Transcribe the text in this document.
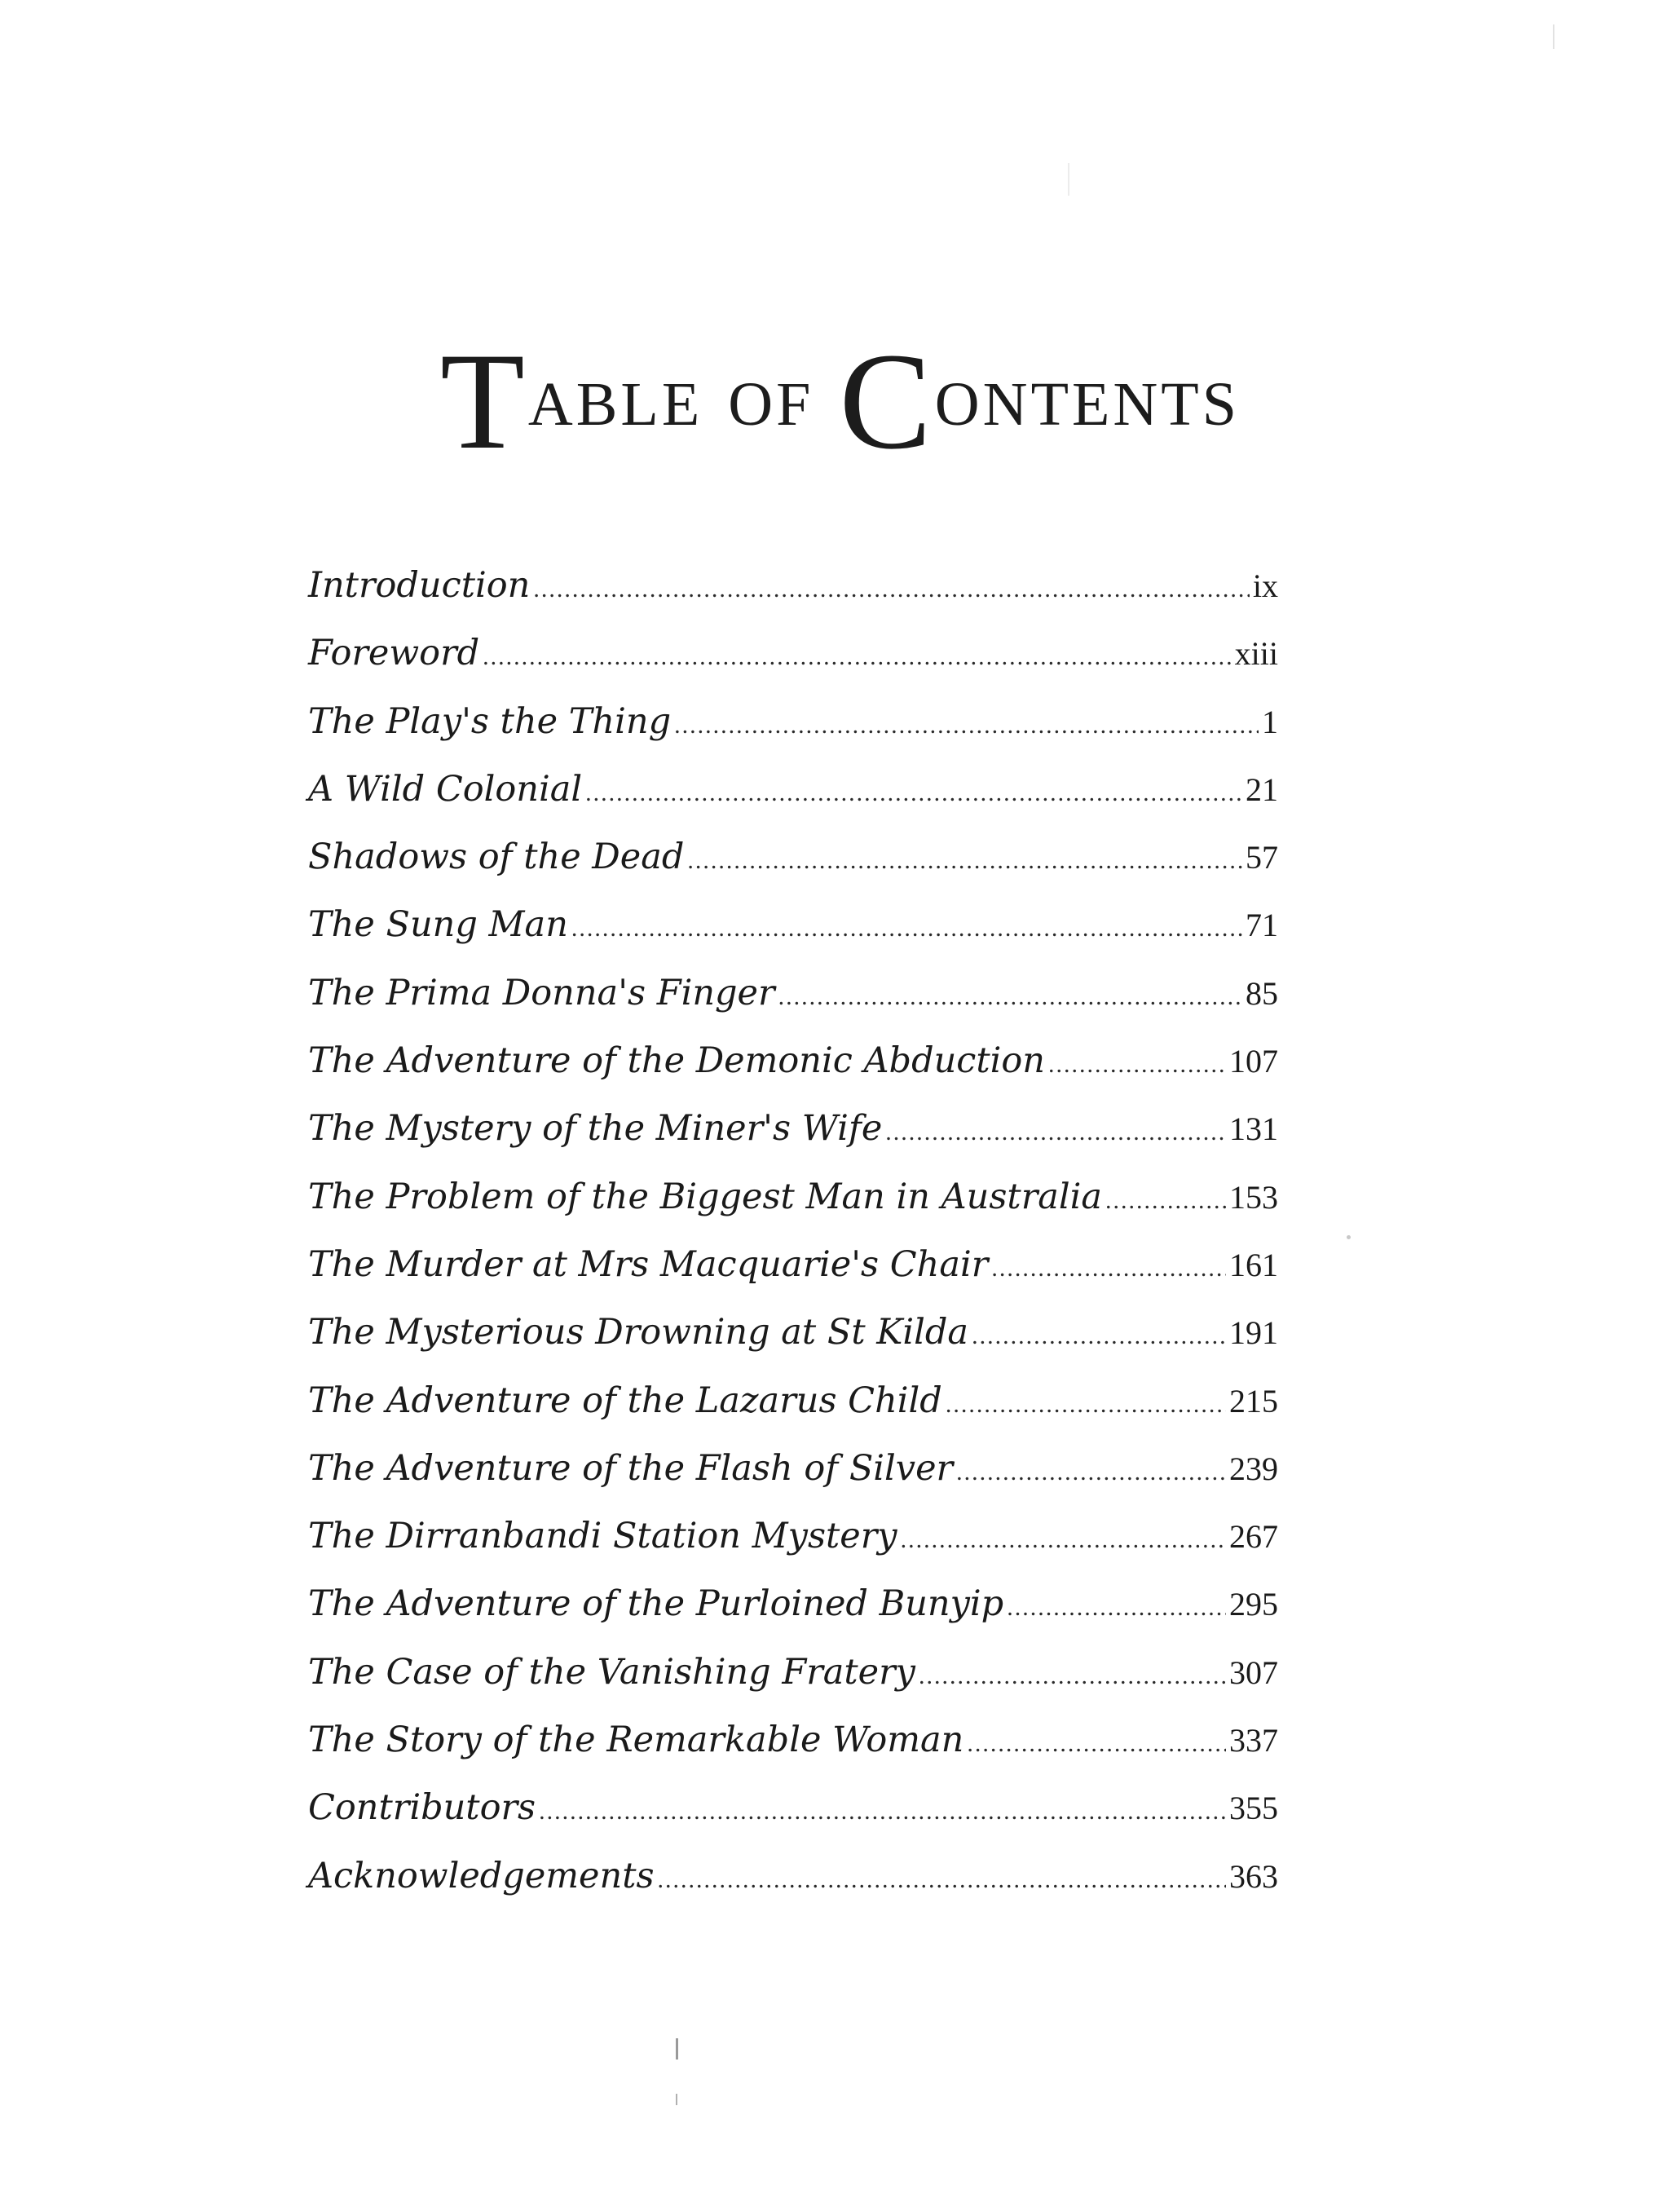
Table of Contents
Introduction .....	ix
Foreword .....	xiii
The Play's the Thing .....	1
A Wild Colonial .....	21
Shadows of the Dead .....	57
The Sung Man .....	71
The Prima Donna's Finger .....	85
The Adventure of the Demonic Abduction .....	107
The Mystery of the Miner's Wife .....	131
The Problem of the Biggest Man in Australia .....	153
The Murder at Mrs Macquarie's Chair .....	161
The Mysterious Drowning at St Kilda .....	191
The Adventure of the Lazarus Child .....	215
The Adventure of the Flash of Silver .....	239
The Dirranbandi Station Mystery .....	267
The Adventure of the Purloined Bunyip .....	295
The Case of the Vanishing Fratery .....	307
The Story of the Remarkable Woman .....	337
Contributors .....	355
Acknowledgements .....	363
